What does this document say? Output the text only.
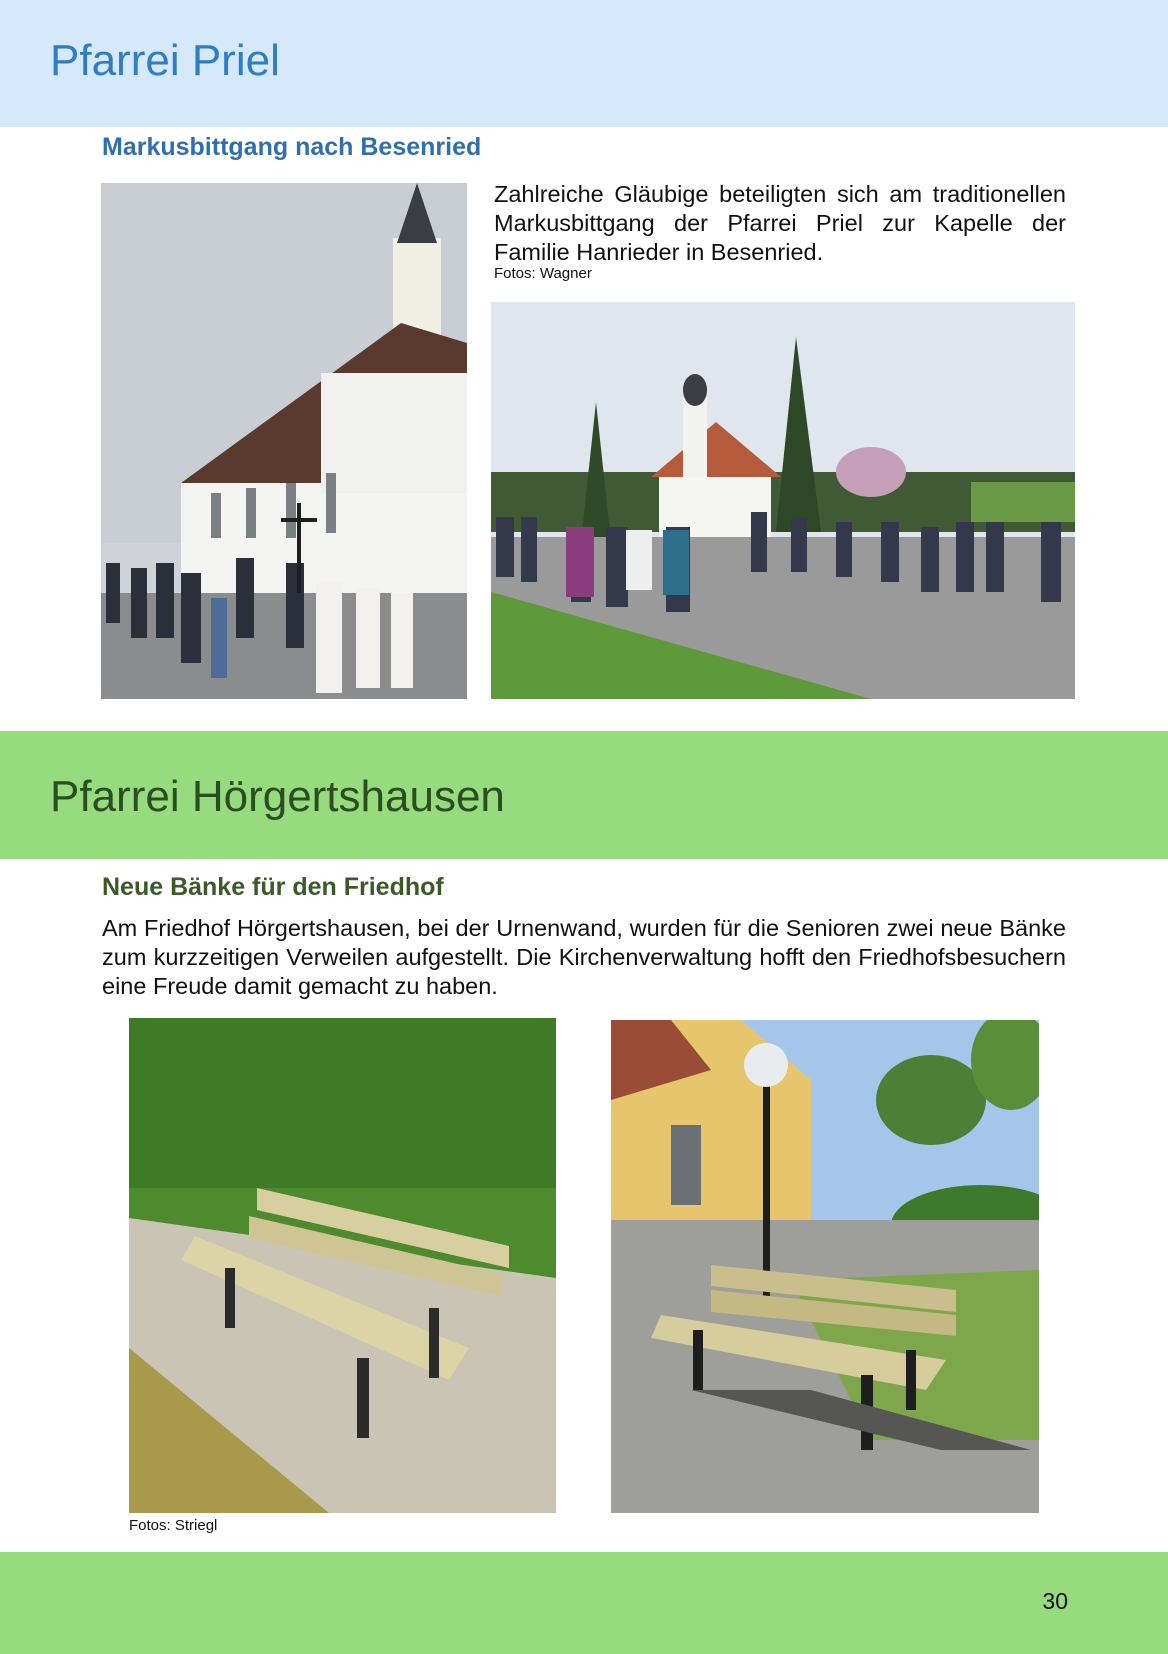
Pfarrei Priel
Markusbittgang nach Besenried

Zahlreiche Gläubige beteiligten sich am traditionellen Markusbittgang der Pfarrei Priel zur Kapelle der Familie Hanrieder in Besenried.

Fotos: Wagner

Pfarrei Hörgertshausen
Neue Bänke für den Friedhof

Am Friedhof Hörgertshausen, bei der Urnenwand, wurden für die Senioren zwei neue Bänke zum kurzzeitigen Verweilen aufgestellt. Die Kirchenverwaltung hofft den Friedhofsbesuchern eine Freude damit gemacht zu haben.

Fotos: Striegl

30
